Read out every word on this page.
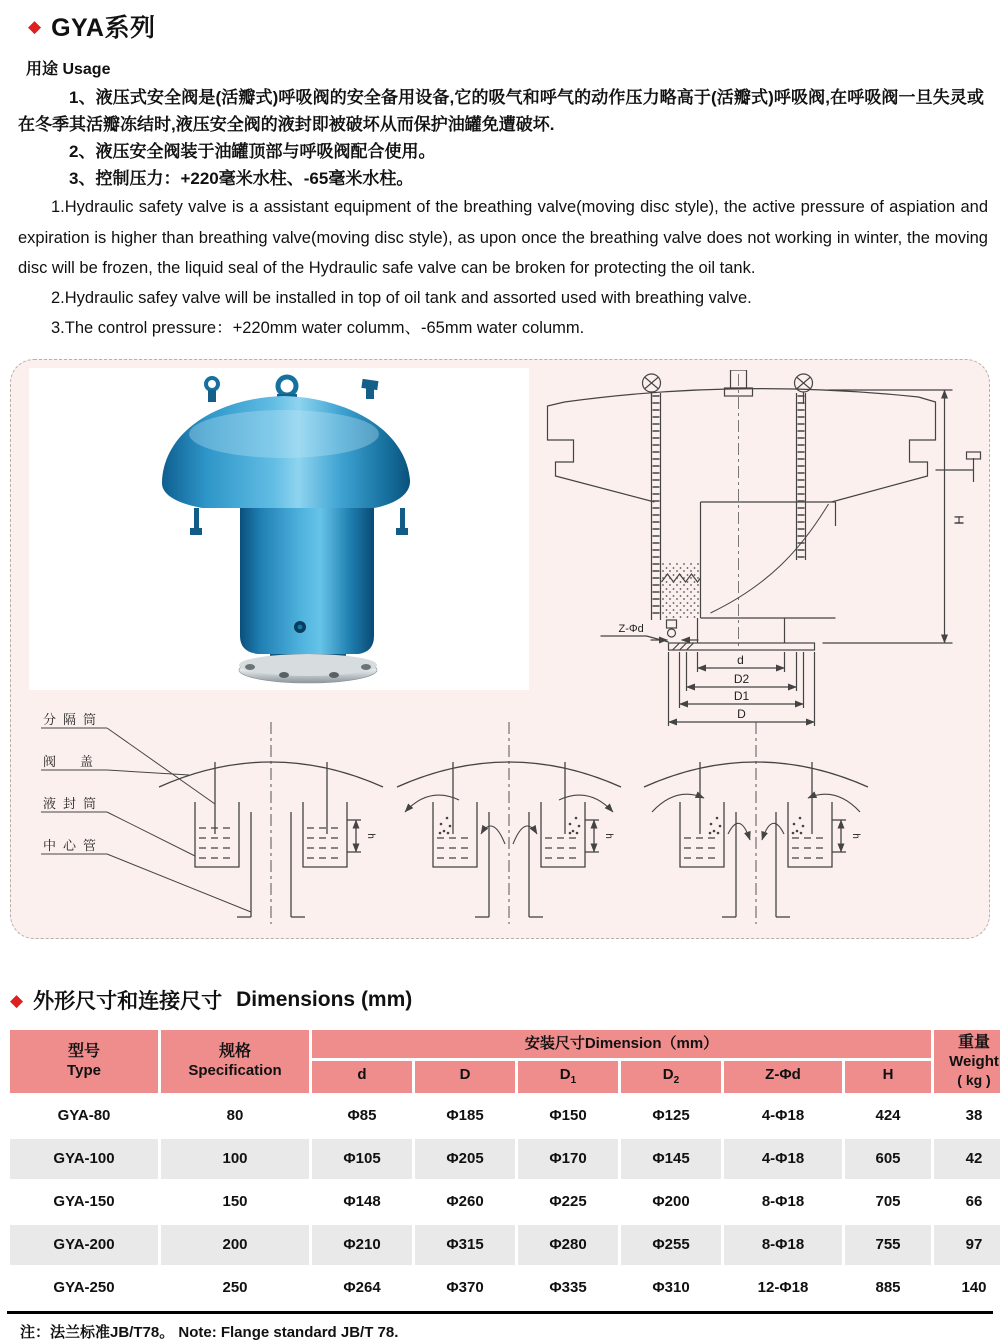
◆ GYA系列
用途 Usage

1、液压式安全阀是(活瓣式)呼吸阀的安全备用设备,它的吸气和呼气的动作压力略高于(活瓣式)呼吸阀,在呼吸阀一旦失灵或在冬季其活瓣冻结时,液压安全阀的液封即被破坏从而保护油罐免遭破坏.

2、液压安全阀装于油罐顶部与呼吸阀配合使用。

3、控制压力：+220毫米水柱、-65毫米水柱。

1.Hydraulic safety valve is a assistant equipment of the breathing valve(moving disc style), the active pressure of aspiation and expiration is higher than breathing valve(moving disc style), as upon once the breathing valve does not working in winter, the moving disc will be frozen, the liquid seal of the Hydraulic safe valve can be broken for protecting the oil tank.

2.Hydraulic safey valve will be installed in top of oil tank and assorted used with breathing valve.

3.The control pressure：+220mm water columm、-65mm water columm.

Z-Φd
d
D2
D1
D
H
分隔筒
阀盖
液封筒
中心管
h	h	h
◆ 外形尺寸和连接尺寸 Dimensions (mm)
型号
Type

规格
Specification
	安装尺寸Dimension（mm）	重量
Weight
( kg )

		d	D	$D_1$	$D_2$	Z-Φd	H	
GYA-80	80	Φ85	Φ185	Φ150	Φ125	4-Φ18	424	38
GYA-100	100	Φ105	Φ205	Φ170	Φ145	4-Φ18	605	42
GYA-150	150	Φ148	Φ260	Φ225	Φ200	8-Φ18	705	66
GYA-200	200	Φ210	Φ315	Φ280	Φ255	8-Φ18	755	97
GYA-250	250	Φ264	Φ370	Φ335	Φ310	12-Φ18	885	140
注：法兰标准JB/T78。 Note: Flange standard JB/T 78.
